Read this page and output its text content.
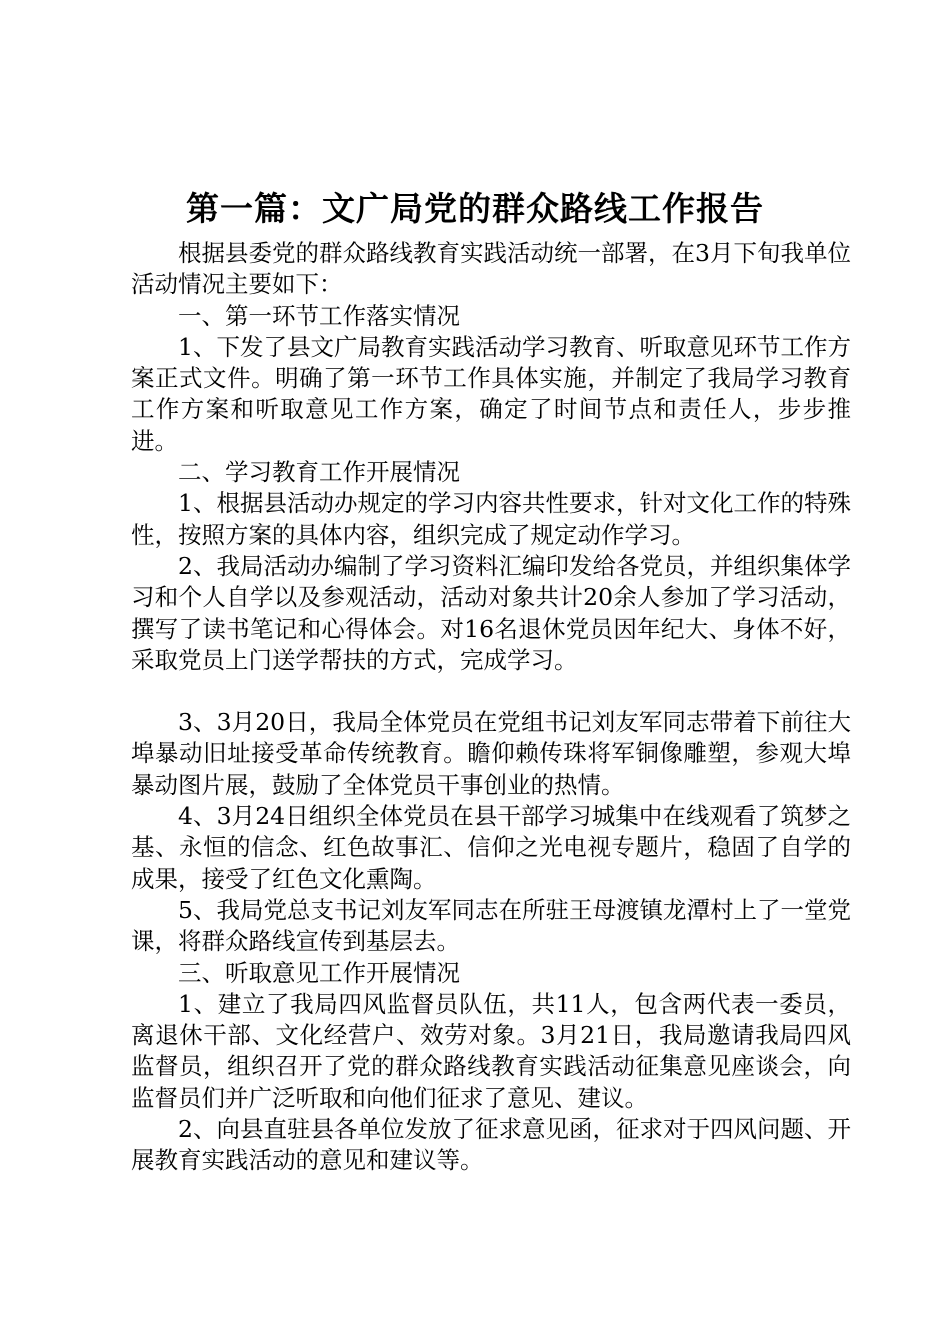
第一篇：文广局党的群众路线工作报告

根据县委党的群众路线教育实践活动统一部署，在3月下旬我单位活动情况主要如下：

一、第一环节工作落实情况

1、下发了县文广局教育实践活动学习教育、听取意见环节工作方案正式文件。明确了第一环节工作具体实施，并制定了我局学习教育工作方案和听取意见工作方案，确定了时间节点和责任人，步步推进。

二、学习教育工作开展情况

1、根据县活动办规定的学习内容共性要求，针对文化工作的特殊性，按照方案的具体内容，组织完成了规定动作学习。

2、我局活动办编制了学习资料汇编印发给各党员，并组织集体学习和个人自学以及参观活动，活动对象共计20余人参加了学习活动，撰写了读书笔记和心得体会。对16名退休党员因年纪大、身体不好，采取党员上门送学帮扶的方式，完成学习。

3、3月20日，我局全体党员在党组书记刘友军同志带着下前往大埠暴动旧址接受革命传统教育。瞻仰赖传珠将军铜像雕塑，参观大埠暴动图片展，鼓励了全体党员干事创业的热情。

4、3月24日组织全体党员在县干部学习城集中在线观看了筑梦之基、永恒的信念、红色故事汇、信仰之光电视专题片，稳固了自学的成果，接受了红色文化熏陶。

5、我局党总支书记刘友军同志在所驻王母渡镇龙潭村上了一堂党课，将群众路线宣传到基层去。

三、听取意见工作开展情况

1、建立了我局四风监督员队伍，共11人，包含两代表一委员，离退休干部、文化经营户、效劳对象。3月21日，我局邀请我局四风监督员，组织召开了党的群众路线教育实践活动征集意见座谈会，向监督员们并广泛听取和向他们征求了意见、建议。

2、向县直驻县各单位发放了征求意见函，征求对于四风问题、开展教育实践活动的意见和建议等。
